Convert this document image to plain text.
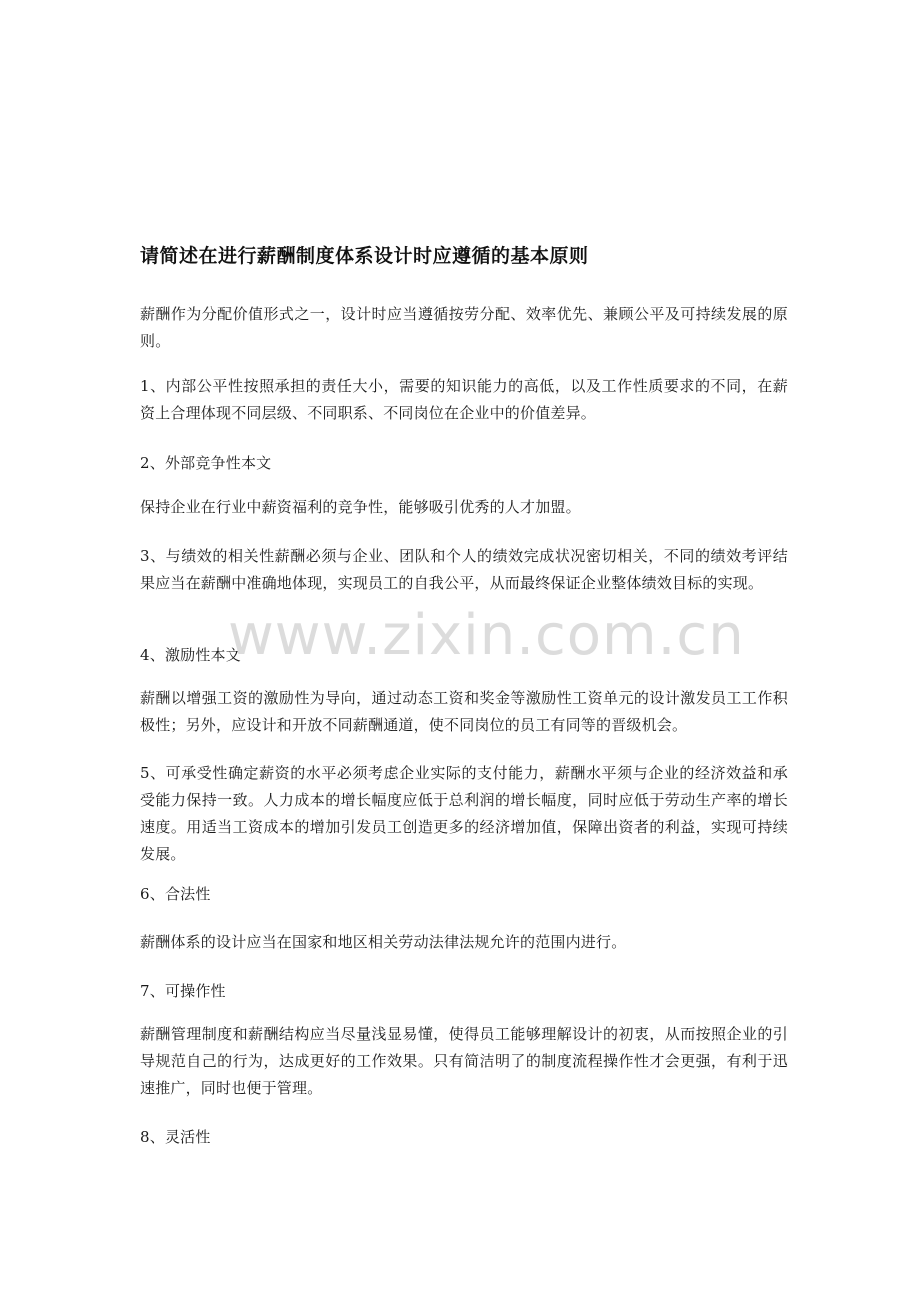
请简述在进行薪酬制度体系设计时应遵循的基本原则
薪酬作为分配价值形式之一，设计时应当遵循按劳分配、效率优先、兼顾公平及可持续发展的原则。
1、内部公平性按照承担的责任大小，需要的知识能力的高低，以及工作性质要求的不同，在薪资上合理体现不同层级、不同职系、不同岗位在企业中的价值差异。
2、外部竞争性本文
保持企业在行业中薪资福利的竞争性，能够吸引优秀的人才加盟。
3、与绩效的相关性薪酬必须与企业、团队和个人的绩效完成状况密切相关，不同的绩效考评结果应当在薪酬中准确地体现，实现员工的自我公平，从而最终保证企业整体绩效目标的实现。
4、激励性本文
薪酬以增强工资的激励性为导向，通过动态工资和奖金等激励性工资单元的设计激发员工工作积极性；另外，应设计和开放不同薪酬通道，使不同岗位的员工有同等的晋级机会。
5、可承受性确定薪资的水平必须考虑企业实际的支付能力，薪酬水平须与企业的经济效益和承受能力保持一致。人力成本的增长幅度应低于总利润的增长幅度，同时应低于劳动生产率的增长速度。用适当工资成本的增加引发员工创造更多的经济增加值，保障出资者的利益，实现可持续发展。
6、合法性
薪酬体系的设计应当在国家和地区相关劳动法律法规允许的范围内进行。
7、可操作性
薪酬管理制度和薪酬结构应当尽量浅显易懂，使得员工能够理解设计的初衷，从而按照企业的引导规范自己的行为，达成更好的工作效果。只有简洁明了的制度流程操作性才会更强，有利于迅速推广，同时也便于管理。
8、灵活性
www.zixin.com.cn
